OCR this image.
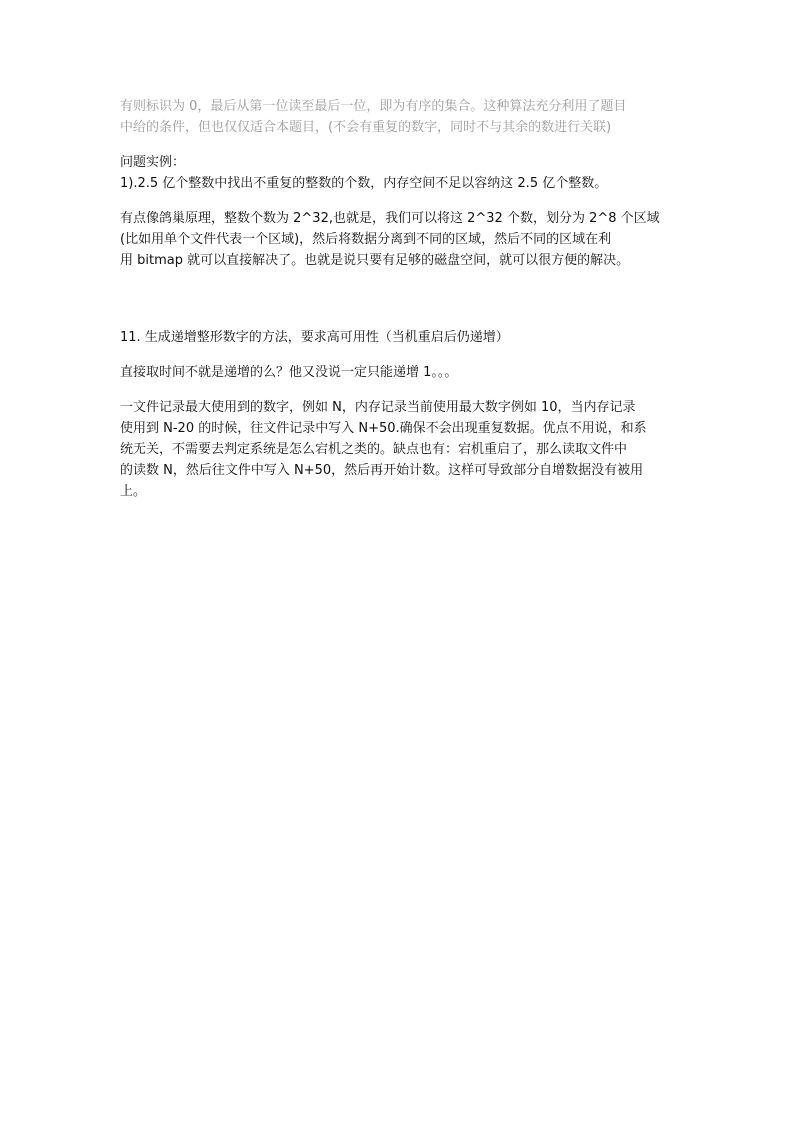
有则标识为 0，最后从第一位读至最后一位，即为有序的集合。这种算法充分利用了题目
中给的条件，但也仅仅适合本题目，(不会有重复的数字，同时不与其余的数进行关联)

问题实例：
1).2.5 亿个整数中找出不重复的整数的个数，内存空间不足以容纳这 2.5 亿个整数。

有点像鸽巢原理，整数个数为 2^32,也就是，我们可以将这 2^32 个数，划分为 2^8 个区域
(比如用单个文件代表一个区域)，然后将数据分离到不同的区域，然后不同的区域在利
用 bitmap 就可以直接解决了。也就是说只要有足够的磁盘空间，就可以很方便的解决。

11. 生成递增整形数字的方法，要求高可用性（当机重启后仍递增）

直接取时间不就是递增的么？他又没说一定只能递增 1。。。

一文件记录最大使用到的数字，例如 N，内存记录当前使用最大数字例如 10，当内存记录
使用到 N-20 的时候，往文件记录中写入 N+50.确保不会出现重复数据。优点不用说，和系
统无关，不需要去判定系统是怎么宕机之类的。缺点也有：宕机重启了，那么读取文件中
的读数 N，然后往文件中写入 N+50，然后再开始计数。这样可导致部分自增数据没有被用
上。
